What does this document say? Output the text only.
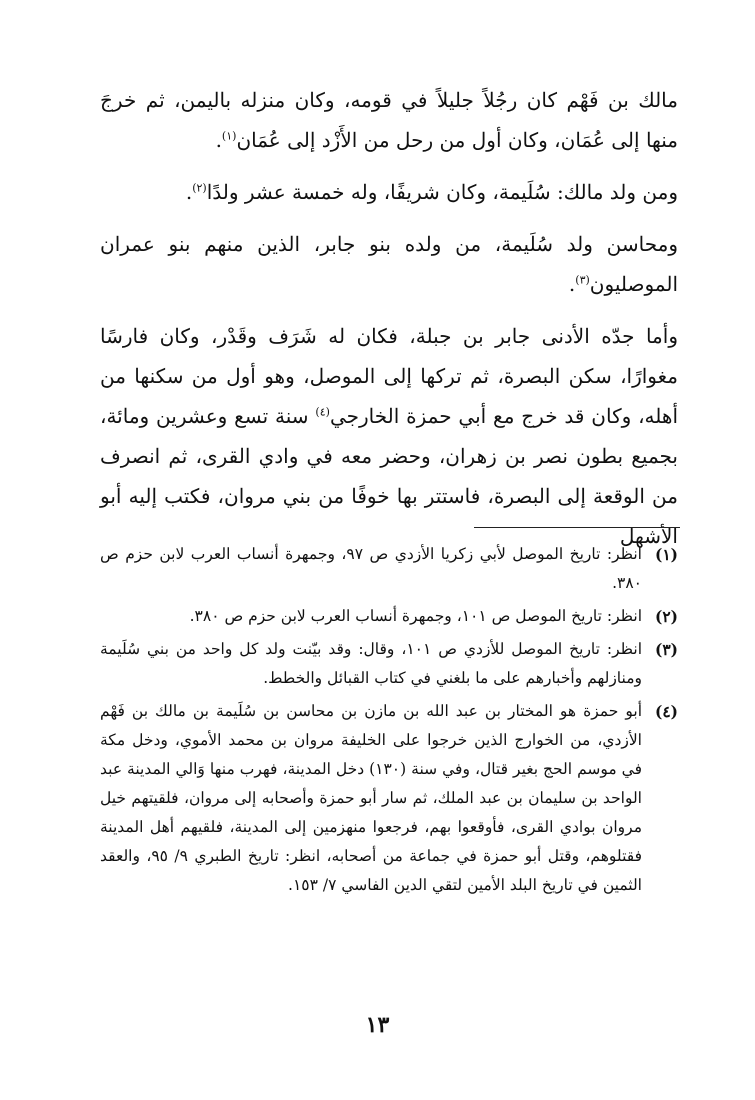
مالك بن فَهْم كان رجُلاً جليلاً في قومه، وكان منزله باليمن، ثم خرجَ منها إلى عُمَان، وكان أول من رحل من الأَزْد إلى عُمَان$^{(١)}$.

ومن ولد مالك: سُلَيمة، وكان شريفًا، وله خمسة عشر ولدًا$^{(٢)}$.

ومحاسن ولد سُلَيمة، من ولده بنو جابر، الذين منهم بنو عمران الموصليون$^{(٣)}$.

وأما جدّه الأدنى جابر بن جبلة، فكان له شَرَف وقَدْر، وكان فارسًا مغوارًا، سكن البصرة، ثم تركها إلى الموصل، وهو أول من سكنها من أهله، وكان قد خرج مع أبي حمزة الخارجي$^{(٤)}$ سنة تسع وعشرين ومائة، بجميع بطون نصر بن زهران، وحضر معه في وادي القرى، ثم انصرف من الوقعة إلى البصرة، فاستتر بها خوفًا من بني مروان، فكتب إليه أبو الأشهل

(١)
انظر: تاريخ الموصل لأبي زكريا الأزدي ص ٩٧، وجمهرة أنساب العرب لابن حزم ص ٣٨٠.
(٢)
انظر: تاريخ الموصل ص ١٠١، وجمهرة أنساب العرب لابن حزم ص ٣٨٠.
(٣)
انظر: تاريخ الموصل للأزدي ص ١٠١، وقال: وقد بيّنت ولد كل واحد من بني سُلَيمة ومنازلهم وأخبارهم على ما بلغني في كتاب القبائل والخطط.
(٤)
أبو حمزة هو المختار بن عبد الله بن مازن بن محاسن بن سُلَيمة بن مالك بن فَهْم الأزدي، من الخوارج الذين خرجوا على الخليفة مروان بن محمد الأموي، ودخل مكة في موسم الحج بغير قتال، وفي سنة (١٣٠) دخل المدينة، فهرب منها وَالي المدينة عبد الواحد بن سليمان بن عبد الملك، ثم سار أبو حمزة وأصحابه إلى مروان، فلقيتهم خيل مروان بوادي القرى، فأوقعوا بهم، فرجعوا منهزمين إلى المدينة، فلقيهم أهل المدينة فقتلوهم، وقتل أبو حمزة في جماعة من أصحابه، انظر: تاريخ الطبري ٩/ ٩٥، والعقد الثمين في تاريخ البلد الأمين لتقي الدين الفاسي ٧/ ١٥٣.
١٣
